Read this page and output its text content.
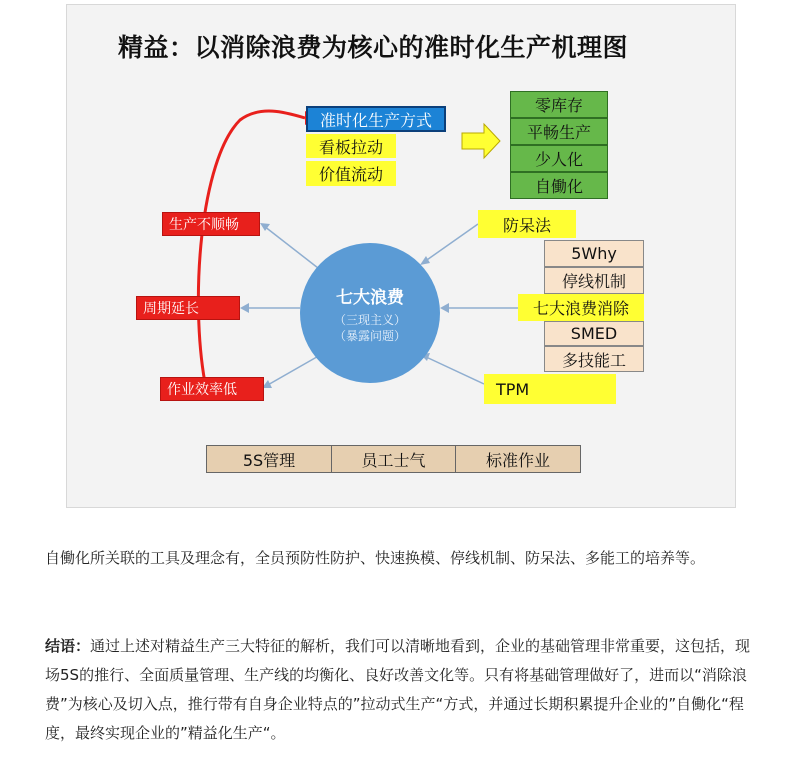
精益：以消除浪费为核心的准时化生产机理图
准时化生产方式
看板拉动
价值流动
零库存
平畅生产
少人化
自働化
生产不顺畅
周期延长
作业效率低
七大浪费
（三现主义）
（暴露问题）
防呆法
5Why
停线机制
七大浪费消除
SMED
多技能工
TPM
5S管理	员工士气	标准作业
自働化所关联的工具及理念有，全员预防性防护、快速换模、停线机制、防呆法、多能工的培养等。
结语：通过上述对精益生产三大特征的解析，我们可以清晰地看到，企业的基础管理非常重要，这包括，现场5S的推行、全面质量管理、生产线的均衡化、良好改善文化等。只有将基础管理做好了，进而以“消除浪费”为核心及切入点，推行带有自身企业特点的”拉动式生产“方式，并通过长期积累提升企业的”自働化“程度，最终实现企业的”精益化生产“。
